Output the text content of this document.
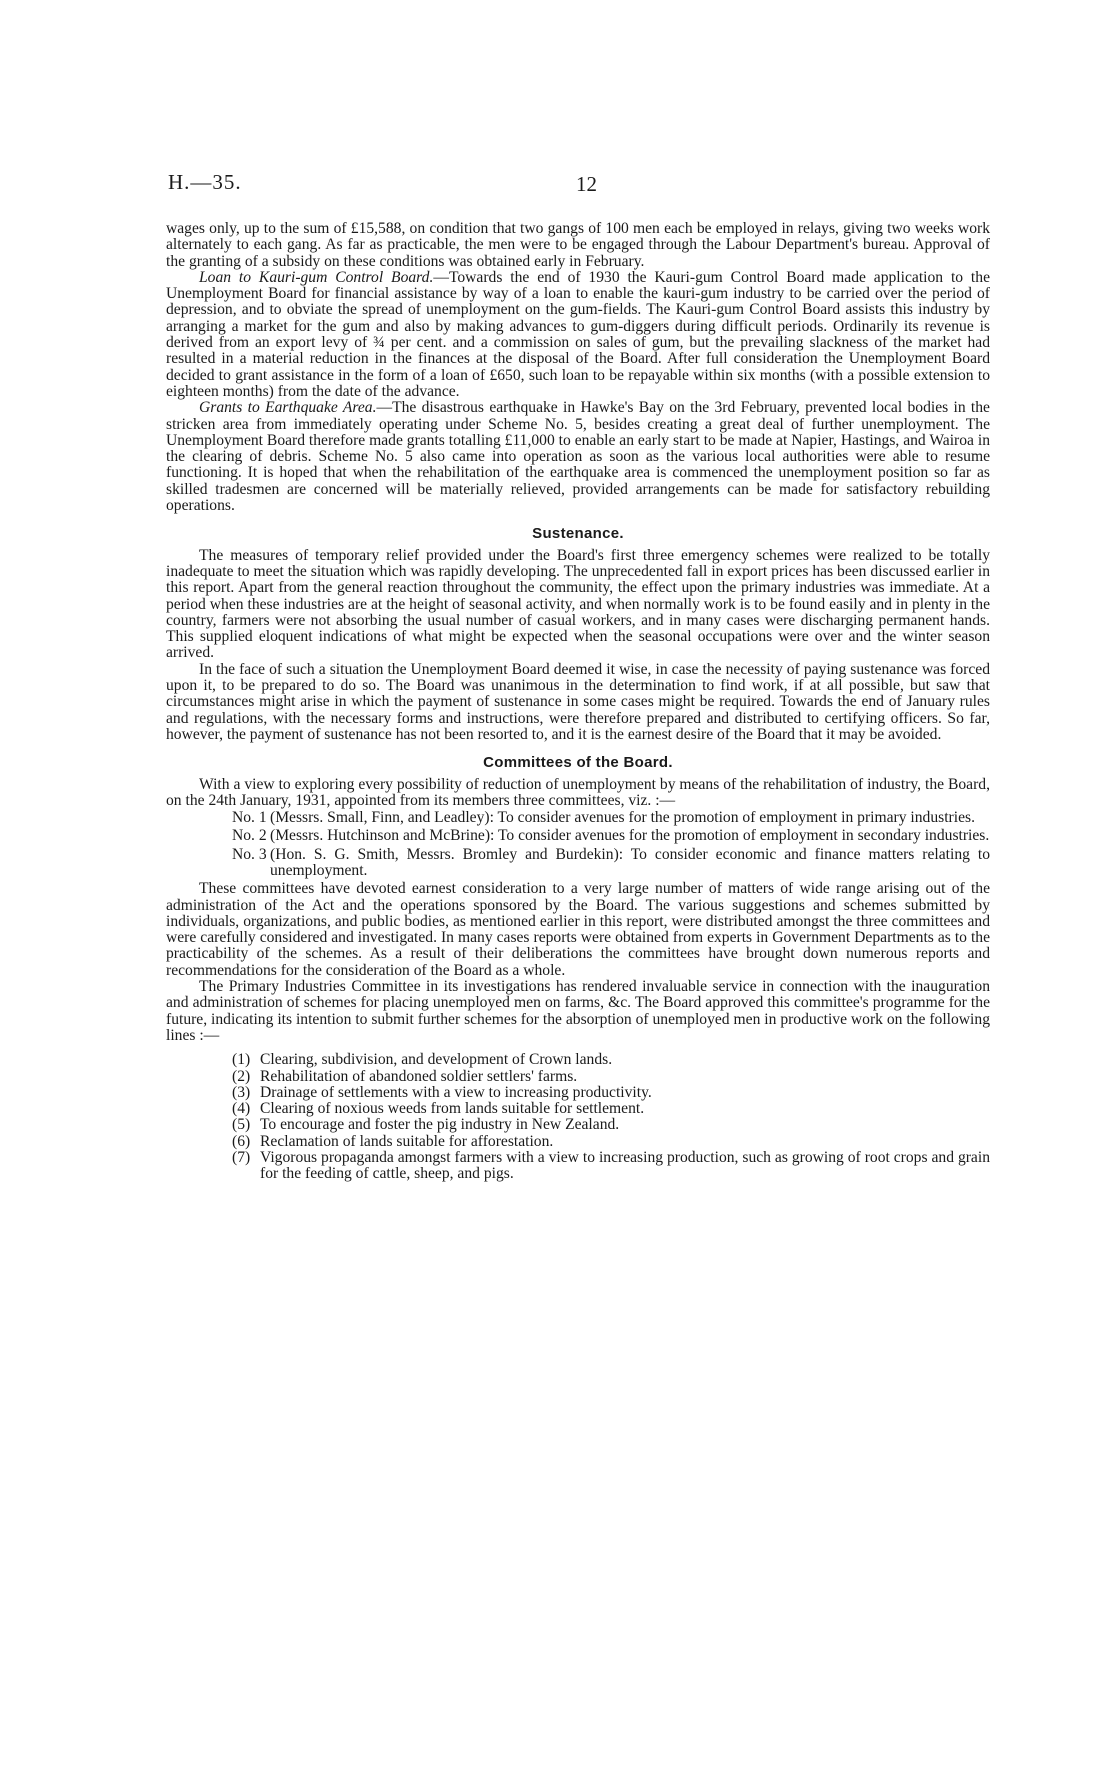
H.—35.	12

wages only, up to the sum of £15,588, on condition that two gangs of 100 men each be employed in relays, giving two weeks work alternately to each gang. As far as practicable, the men were to be engaged through the Labour Department's bureau. Approval of the granting of a subsidy on these conditions was obtained early in February.

Loan to Kauri-gum Control Board.—Towards the end of 1930 the Kauri-gum Control Board made application to the Unemployment Board for financial assistance by way of a loan to enable the kauri-gum industry to be carried over the period of depression, and to obviate the spread of unemployment on the gum-fields. The Kauri-gum Control Board assists this industry by arranging a market for the gum and also by making advances to gum-diggers during difficult periods. Ordinarily its revenue is derived from an export levy of ¾ per cent. and a commission on sales of gum, but the prevailing slackness of the market had resulted in a material reduction in the finances at the disposal of the Board. After full consideration the Unemployment Board decided to grant assistance in the form of a loan of £650, such loan to be repayable within six months (with a possible extension to eighteen months) from the date of the advance.

Grants to Earthquake Area.—The disastrous earthquake in Hawke's Bay on the 3rd February, prevented local bodies in the stricken area from immediately operating under Scheme No. 5, besides creating a great deal of further unemployment. The Unemployment Board therefore made grants totalling £11,000 to enable an early start to be made at Napier, Hastings, and Wairoa in the clearing of debris. Scheme No. 5 also came into operation as soon as the various local authorities were able to resume functioning. It is hoped that when the rehabilitation of the earthquake area is commenced the unemployment position so far as skilled tradesmen are concerned will be materially relieved, provided arrangements can be made for satisfactory rebuilding operations.

Sustenance.

The measures of temporary relief provided under the Board's first three emergency schemes were realized to be totally inadequate to meet the situation which was rapidly developing. The unprecedented fall in export prices has been discussed earlier in this report. Apart from the general reaction throughout the community, the effect upon the primary industries was immediate. At a period when these industries are at the height of seasonal activity, and when normally work is to be found easily and in plenty in the country, farmers were not absorbing the usual number of casual workers, and in many cases were discharging permanent hands. This supplied eloquent indications of what might be expected when the seasonal occupations were over and the winter season arrived.

In the face of such a situation the Unemployment Board deemed it wise, in case the necessity of paying sustenance was forced upon it, to be prepared to do so. The Board was unanimous in the determination to find work, if at all possible, but saw that circumstances might arise in which the payment of sustenance in some cases might be required. Towards the end of January rules and regulations, with the necessary forms and instructions, were therefore prepared and distributed to certifying officers. So far, however, the payment of sustenance has not been resorted to, and it is the earnest desire of the Board that it may be avoided.

Committees of the Board.

With a view to exploring every possibility of reduction of unemployment by means of the rehabilitation of industry, the Board, on the 24th January, 1931, appointed from its members three committees, viz. :—

No. 1 (Messrs. Small, Finn, and Leadley): To consider avenues for the promotion of employment in primary industries.
No. 2 (Messrs. Hutchinson and McBrine): To consider avenues for the promotion of employment in secondary industries.
No. 3 (Hon. S. G. Smith, Messrs. Bromley and Burdekin): To consider economic and finance matters relating to unemployment.

These committees have devoted earnest consideration to a very large number of matters of wide range arising out of the administration of the Act and the operations sponsored by the Board. The various suggestions and schemes submitted by individuals, organizations, and public bodies, as mentioned earlier in this report, were distributed amongst the three committees and were carefully considered and investigated. In many cases reports were obtained from experts in Government Departments as to the practicability of the schemes. As a result of their deliberations the committees have brought down numerous reports and recommendations for the consideration of the Board as a whole.

The Primary Industries Committee in its investigations has rendered invaluable service in connection with the inauguration and administration of schemes for placing unemployed men on farms, &c. The Board approved this committee's programme for the future, indicating its intention to submit further schemes for the absorption of unemployed men in productive work on the following lines :—

(1) Clearing, subdivision, and development of Crown lands.
(2) Rehabilitation of abandoned soldier settlers' farms.
(3) Drainage of settlements with a view to increasing productivity.
(4) Clearing of noxious weeds from lands suitable for settlement.
(5) To encourage and foster the pig industry in New Zealand.
(6) Reclamation of lands suitable for afforestation.
(7) Vigorous propaganda amongst farmers with a view to increasing production, such as growing of root crops and grain for the feeding of cattle, sheep, and pigs.
